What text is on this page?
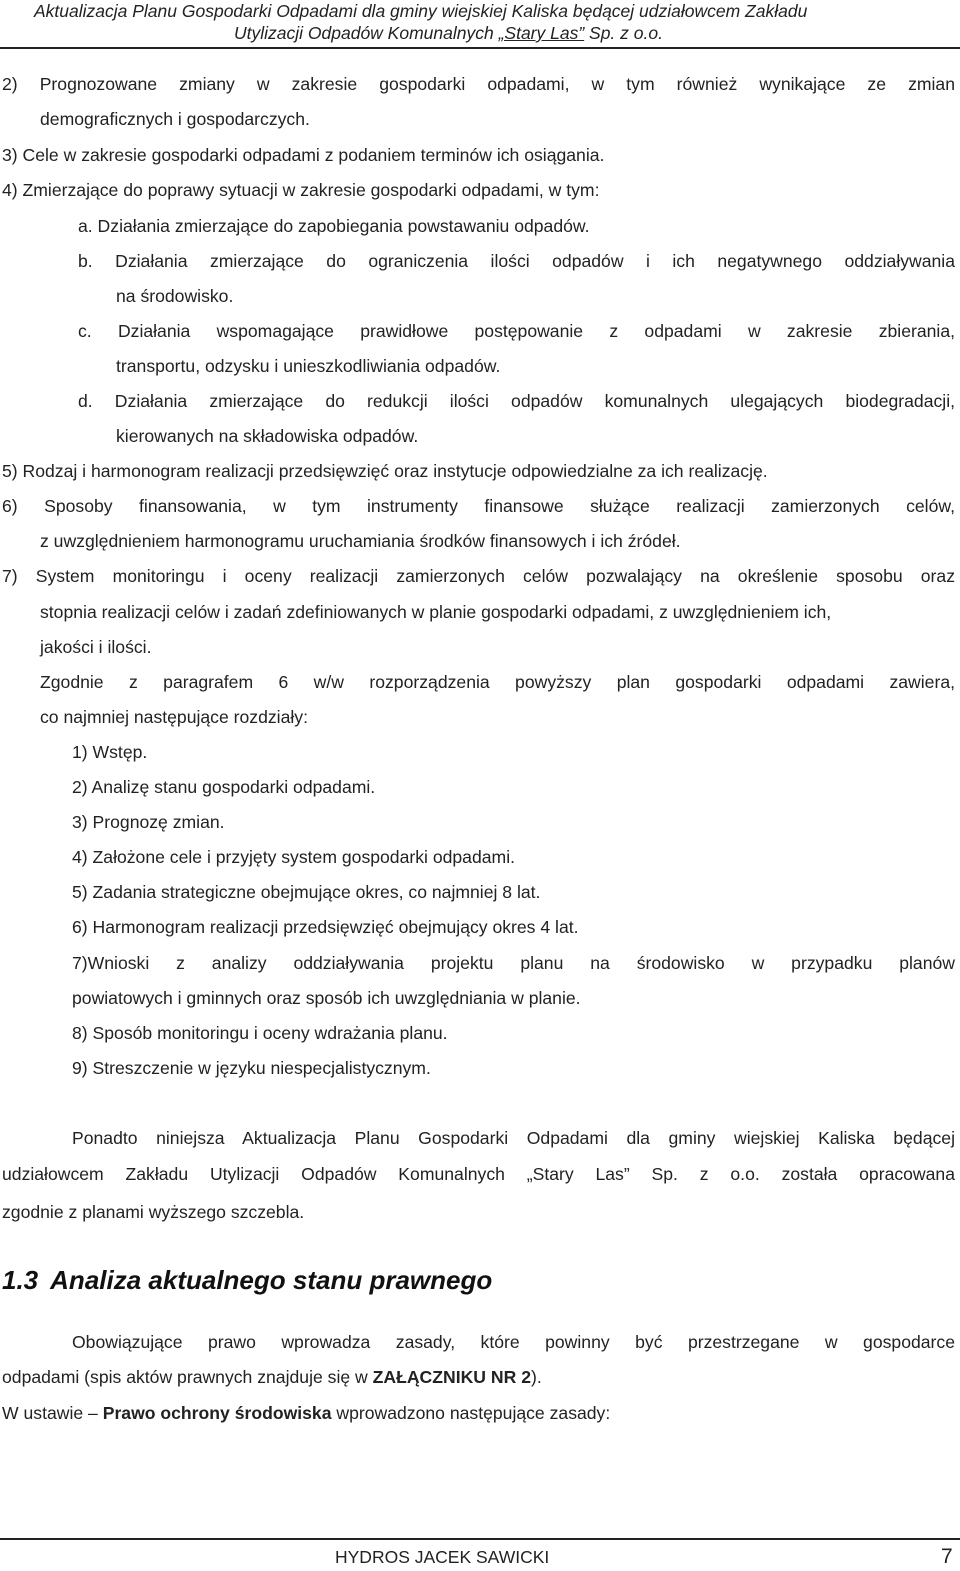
Aktualizacja Planu Gospodarki Odpadami dla gminy wiejskiej Kaliska będącej udziałowcem Zakładu
Utylizacji Odpadów Komunalnych „Stary Las” Sp. z o.o.
2) Prognozowane zmiany w zakresie gospodarki odpadami, w tym również wynikające ze zmian
demograficznych i gospodarczych.
3) Cele w zakresie gospodarki odpadami z podaniem terminów ich osiągania.
4) Zmierzające do poprawy sytuacji w zakresie gospodarki odpadami, w tym:
a. Działania zmierzające do zapobiegania powstawaniu odpadów.
b. Działania zmierzające do ograniczenia ilości odpadów i ich negatywnego oddziaływania
na środowisko.
c. Działania wspomagające prawidłowe postępowanie z odpadami w zakresie zbierania,
transportu, odzysku i unieszkodliwiania odpadów.
d. Działania zmierzające do redukcji ilości odpadów komunalnych ulegających biodegradacji,
kierowanych na składowiska odpadów.
5) Rodzaj i harmonogram realizacji przedsięwzięć oraz instytucje odpowiedzialne za ich realizację.
6) Sposoby finansowania, w tym instrumenty finansowe służące realizacji zamierzonych celów,
z uwzględnieniem harmonogramu uruchamiania środków finansowych i ich źródeł.
7) System monitoringu i oceny realizacji zamierzonych celów pozwalający na określenie sposobu oraz
stopnia realizacji celów i zadań zdefiniowanych w planie gospodarki odpadami, z uwzględnieniem ich,
jakości i ilości.
Zgodnie z paragrafem 6 w/w rozporządzenia powyższy plan gospodarki odpadami zawiera,
co najmniej następujące rozdziały:
1) Wstęp.
2) Analizę stanu gospodarki odpadami.
3) Prognozę zmian.
4) Założone cele i przyjęty system gospodarki odpadami.
5) Zadania strategiczne obejmujące okres, co najmniej 8 lat.
6) Harmonogram realizacji przedsięwzięć obejmujący okres 4 lat.
7)Wnioski z analizy oddziaływania projektu planu na środowisko w przypadku planów
powiatowych i gminnych oraz sposób ich uwzględniania w planie.
8) Sposób monitoringu i oceny wdrażania planu.
9) Streszczenie w języku niespecjalistycznym.
Ponadto niniejsza Aktualizacja Planu Gospodarki Odpadami dla gminy wiejskiej Kaliska będącej
udziałowcem Zakładu Utylizacji Odpadów Komunalnych „Stary Las” Sp. z o.o. została opracowana
zgodnie z planami wyższego szczebla.
1.3 Analiza aktualnego stanu prawnego
Obowiązujące prawo wprowadza zasady, które powinny być przestrzegane w gospodarce
odpadami (spis aktów prawnych znajduje się w ZAŁĄCZNIKU NR 2).
W ustawie – Prawo ochrony środowiska wprowadzono następujące zasady:
HYDROS JACEK SAWICKI	7
